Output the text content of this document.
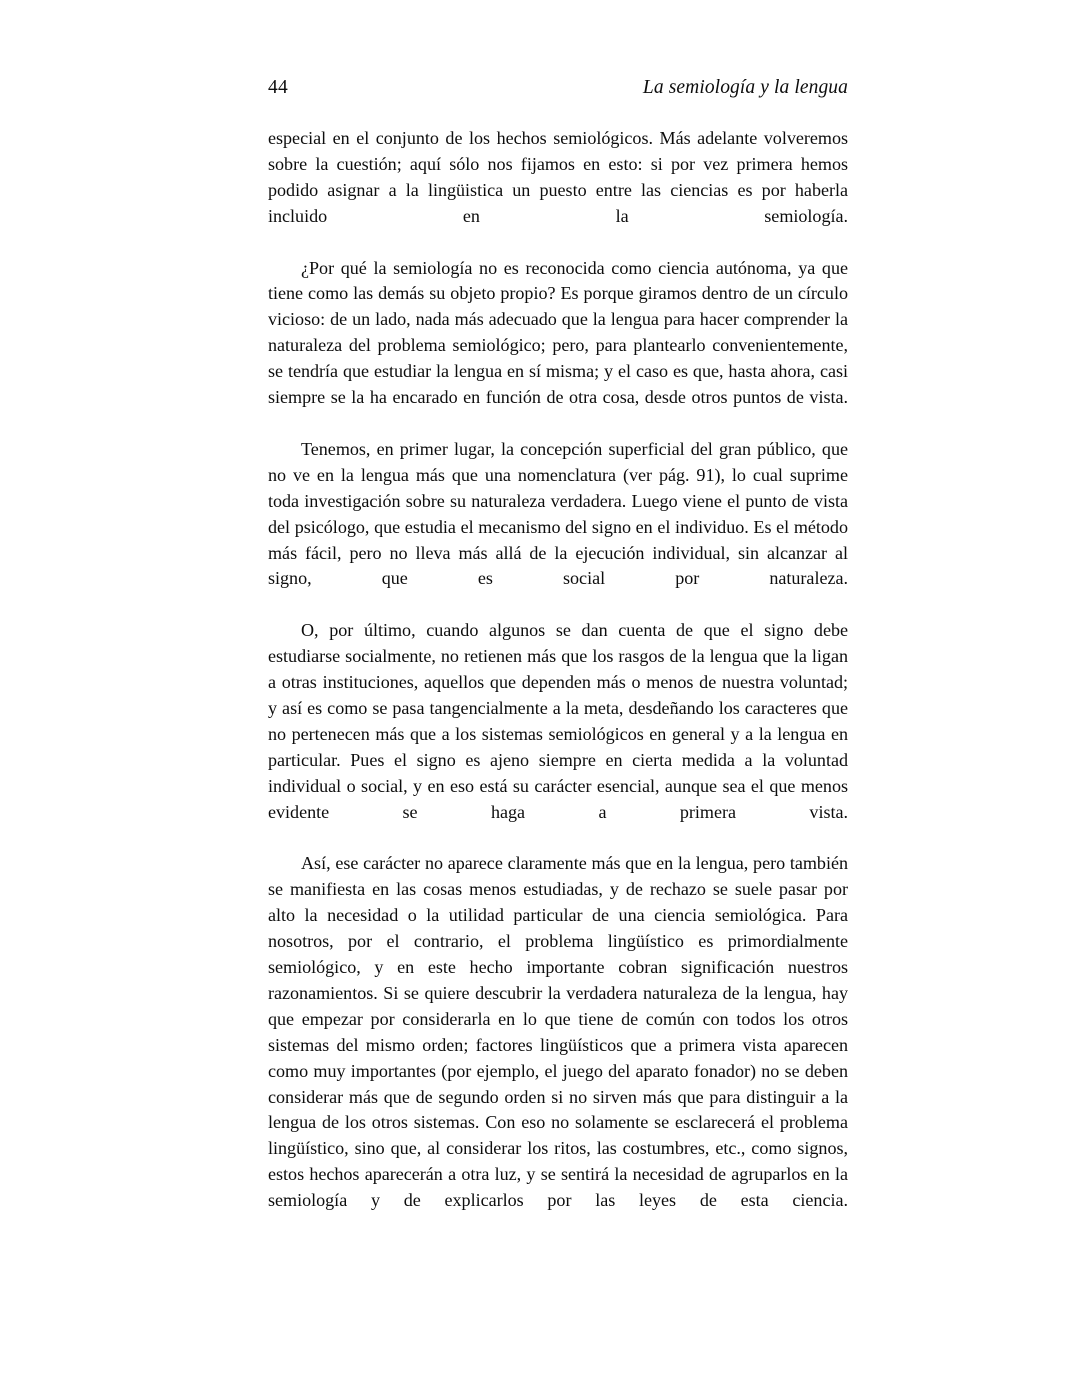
44	La semiología y la lengua

especial en el conjunto de los hechos semiológicos. Más adelante volveremos sobre la cuestión; aquí sólo nos fijamos en esto: si por vez primera hemos podido asignar a la lingüistica un puesto entre las ciencias es por haberla incluido en la semiología.

¿Por qué la semiología no es reconocida como ciencia autónoma, ya que tiene como las demás su objeto propio? Es porque giramos dentro de un círculo vicioso: de un lado, nada más adecuado que la lengua para hacer comprender la naturaleza del problema semiológico; pero, para plantearlo convenientemente, se tendría que estudiar la lengua en sí misma; y el caso es que, hasta ahora, casi siempre se la ha encarado en función de otra cosa, desde otros puntos de vista.

Tenemos, en primer lugar, la concepción superficial del gran público, que no ve en la lengua más que una nomenclatura (ver pág. 91), lo cual suprime toda investigación sobre su naturaleza verdadera. Luego viene el punto de vista del psicólogo, que estudia el mecanismo del signo en el individuo. Es el método más fácil, pero no lleva más allá de la ejecución individual, sin alcanzar al signo, que es social por naturaleza.

O, por último, cuando algunos se dan cuenta de que el signo debe estudiarse socialmente, no retienen más que los rasgos de la lengua que la ligan a otras instituciones, aquellos que dependen más o menos de nuestra voluntad; y así es como se pasa tangencialmente a la meta, desdeñando los caracteres que no pertenecen más que a los sistemas semiológicos en general y a la lengua en particular. Pues el signo es ajeno siempre en cierta medida a la voluntad individual o social, y en eso está su carácter esencial, aunque sea el que menos evidente se haga a primera vista.

Así, ese carácter no aparece claramente más que en la lengua, pero también se manifiesta en las cosas menos estudiadas, y de rechazo se suele pasar por alto la necesidad o la utilidad particular de una ciencia semiológica. Para nosotros, por el contrario, el problema lingüístico es primordialmente semiológico, y en este hecho importante cobran significación nuestros razonamientos. Si se quiere descubrir la verdadera naturaleza de la lengua, hay que empezar por considerarla en lo que tiene de común con todos los otros sistemas del mismo orden; factores lingüísticos que a primera vista aparecen como muy importantes (por ejemplo, el juego del aparato fonador) no se deben considerar más que de segundo orden si no sirven más que para distinguir a la lengua de los otros sistemas. Con eso no solamente se esclarecerá el problema lingüístico, sino que, al considerar los ritos, las costumbres, etc., como signos, estos hechos aparecerán a otra luz, y se sentirá la necesidad de agruparlos en la semiología y de explicarlos por las leyes de esta ciencia.
